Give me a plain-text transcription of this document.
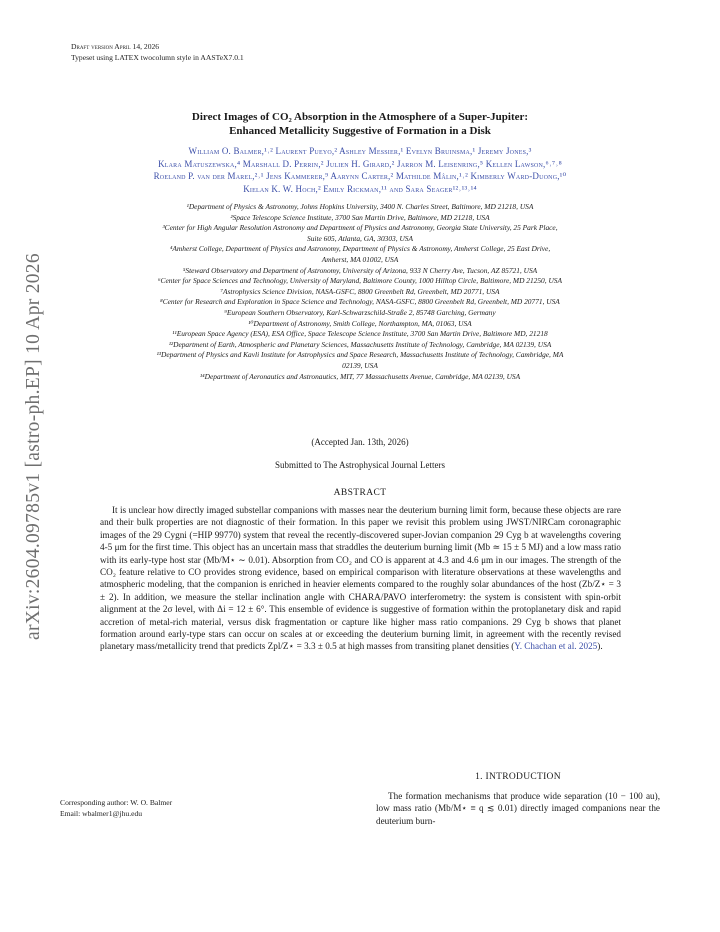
arXiv:2604.09785v1 [astro-ph.EP] 10 Apr 2026
Draft version April 14, 2026
Typeset using LATEX twocolumn style in AASTeX7.0.1
Direct Images of CO₂ Absorption in the Atmosphere of a Super-Jupiter:
Enhanced Metallicity Suggestive of Formation in a Disk
William O. Balmer,¹˒² Laurent Pueyo,² Ashley Messier,¹ Evelyn Bruinsma,¹ Jeremy Jones,³
Klara Matuszewska,⁴ Marshall D. Perrin,² Julien H. Girard,² Jarron M. Leisenring,⁵ Kellen Lawson,⁶˒⁷˒⁸
Roeland P. van der Marel,²˒¹ Jens Kammerer,⁹ Aarynn Carter,² Mathilde Mâlin,¹˒² Kimberly Ward-Duong,¹⁰
Kielan K. W. Hoch,² Emily Rickman,¹¹ and Sara Seager¹²˒¹³˒¹⁴
¹Department of Physics & Astronomy, Johns Hopkins University, 3400 N. Charles Street, Baltimore, MD 21218, USA
²Space Telescope Science Institute, 3700 San Martin Drive, Baltimore, MD 21218, USA
³Center for High Angular Resolution Astronomy and Department of Physics and Astronomy, Georgia State University, 25 Park Place,
Suite 605, Atlanta, GA, 30303, USA
⁴Amherst College, Department of Physics and Astronomy, Department of Physics & Astronomy, Amherst College, 25 East Drive,
Amherst, MA 01002, USA
⁵Steward Observatory and Department of Astronomy, University of Arizona, 933 N Cherry Ave, Tucson, AZ 85721, USA
⁶Center for Space Sciences and Technology, University of Maryland, Baltimore County, 1000 Hilltop Circle, Baltimore, MD 21250, USA
⁷Astrophysics Science Division, NASA-GSFC, 8800 Greenbelt Rd, Greenbelt, MD 20771, USA
⁸Center for Research and Exploration in Space Science and Technology, NASA-GSFC, 8800 Greenbelt Rd, Greenbelt, MD 20771, USA
⁹European Southern Observatory, Karl-Schwarzschild-Straße 2, 85748 Garching, Germany
¹⁰Department of Astronomy, Smith College, Northampton, MA, 01063, USA
¹¹European Space Agency (ESA), ESA Office, Space Telescope Science Institute, 3700 San Martin Drive, Baltimore MD, 21218
¹²Department of Earth, Atmospheric and Planetary Sciences, Massachusetts Institute of Technology, Cambridge, MA 02139, USA
¹³Department of Physics and Kavli Institute for Astrophysics and Space Research, Massachusetts Institute of Technology, Cambridge, MA
02139, USA
¹⁴Department of Aeronautics and Astronautics, MIT, 77 Massachusetts Avenue, Cambridge, MA 02139, USA
(Accepted Jan. 13th, 2026)
Submitted to The Astrophysical Journal Letters
ABSTRACT
It is unclear how directly imaged substellar companions with masses near the deuterium burning limit form, because these objects are rare and their bulk properties are not diagnostic of their formation. In this paper we revisit this problem using JWST/NIRCam coronagraphic images of the 29 Cygni (=HIP 99770) system that reveal the recently-discovered super-Jovian companion 29 Cyg b at wavelengths covering 4-5 μm for the first time. This object has an uncertain mass that straddles the deuterium burning limit (Mb ≃ 15 ± 5 MJ) and a low mass ratio with its early-type host star (Mb/M⋆ ∼ 0.01). Absorption from CO₂ and CO is apparent at 4.3 and 4.6 μm in our images. The strength of the CO₂ feature relative to CO provides strong evidence, based on empirical comparison with literature observations at these wavelengths and atmospheric modeling, that the companion is enriched in heavier elements compared to the roughly solar abundances of the host (Zb/Z⋆ = 3 ± 2). In addition, we measure the stellar inclination angle with CHARA/PAVO interferometry: the system is consistent with spin-orbit alignment at the 2σ level, with Δi = 12 ± 6°. This ensemble of evidence is suggestive of formation within the protoplanetary disk and rapid accretion of metal-rich material, versus disk fragmentation or capture like higher mass ratio companions. 29 Cyg b shows that planet formation around early-type stars can occur on scales at or exceeding the deuterium burning limit, in agreement with the recently revised planetary mass/metallicity trend that predicts Zpl/Z⋆ = 3.3 ± 0.5 at high masses from transiting planet densities (Y. Chachan et al. 2025).
1. INTRODUCTION
The formation mechanisms that produce wide separation (10 − 100 au), low mass ratio (Mb/M⋆ ≡ q ≲ 0.01) directly imaged companions near the deuterium burn-
Corresponding author: W. O. Balmer
Email: wbalmer1@jhu.edu
